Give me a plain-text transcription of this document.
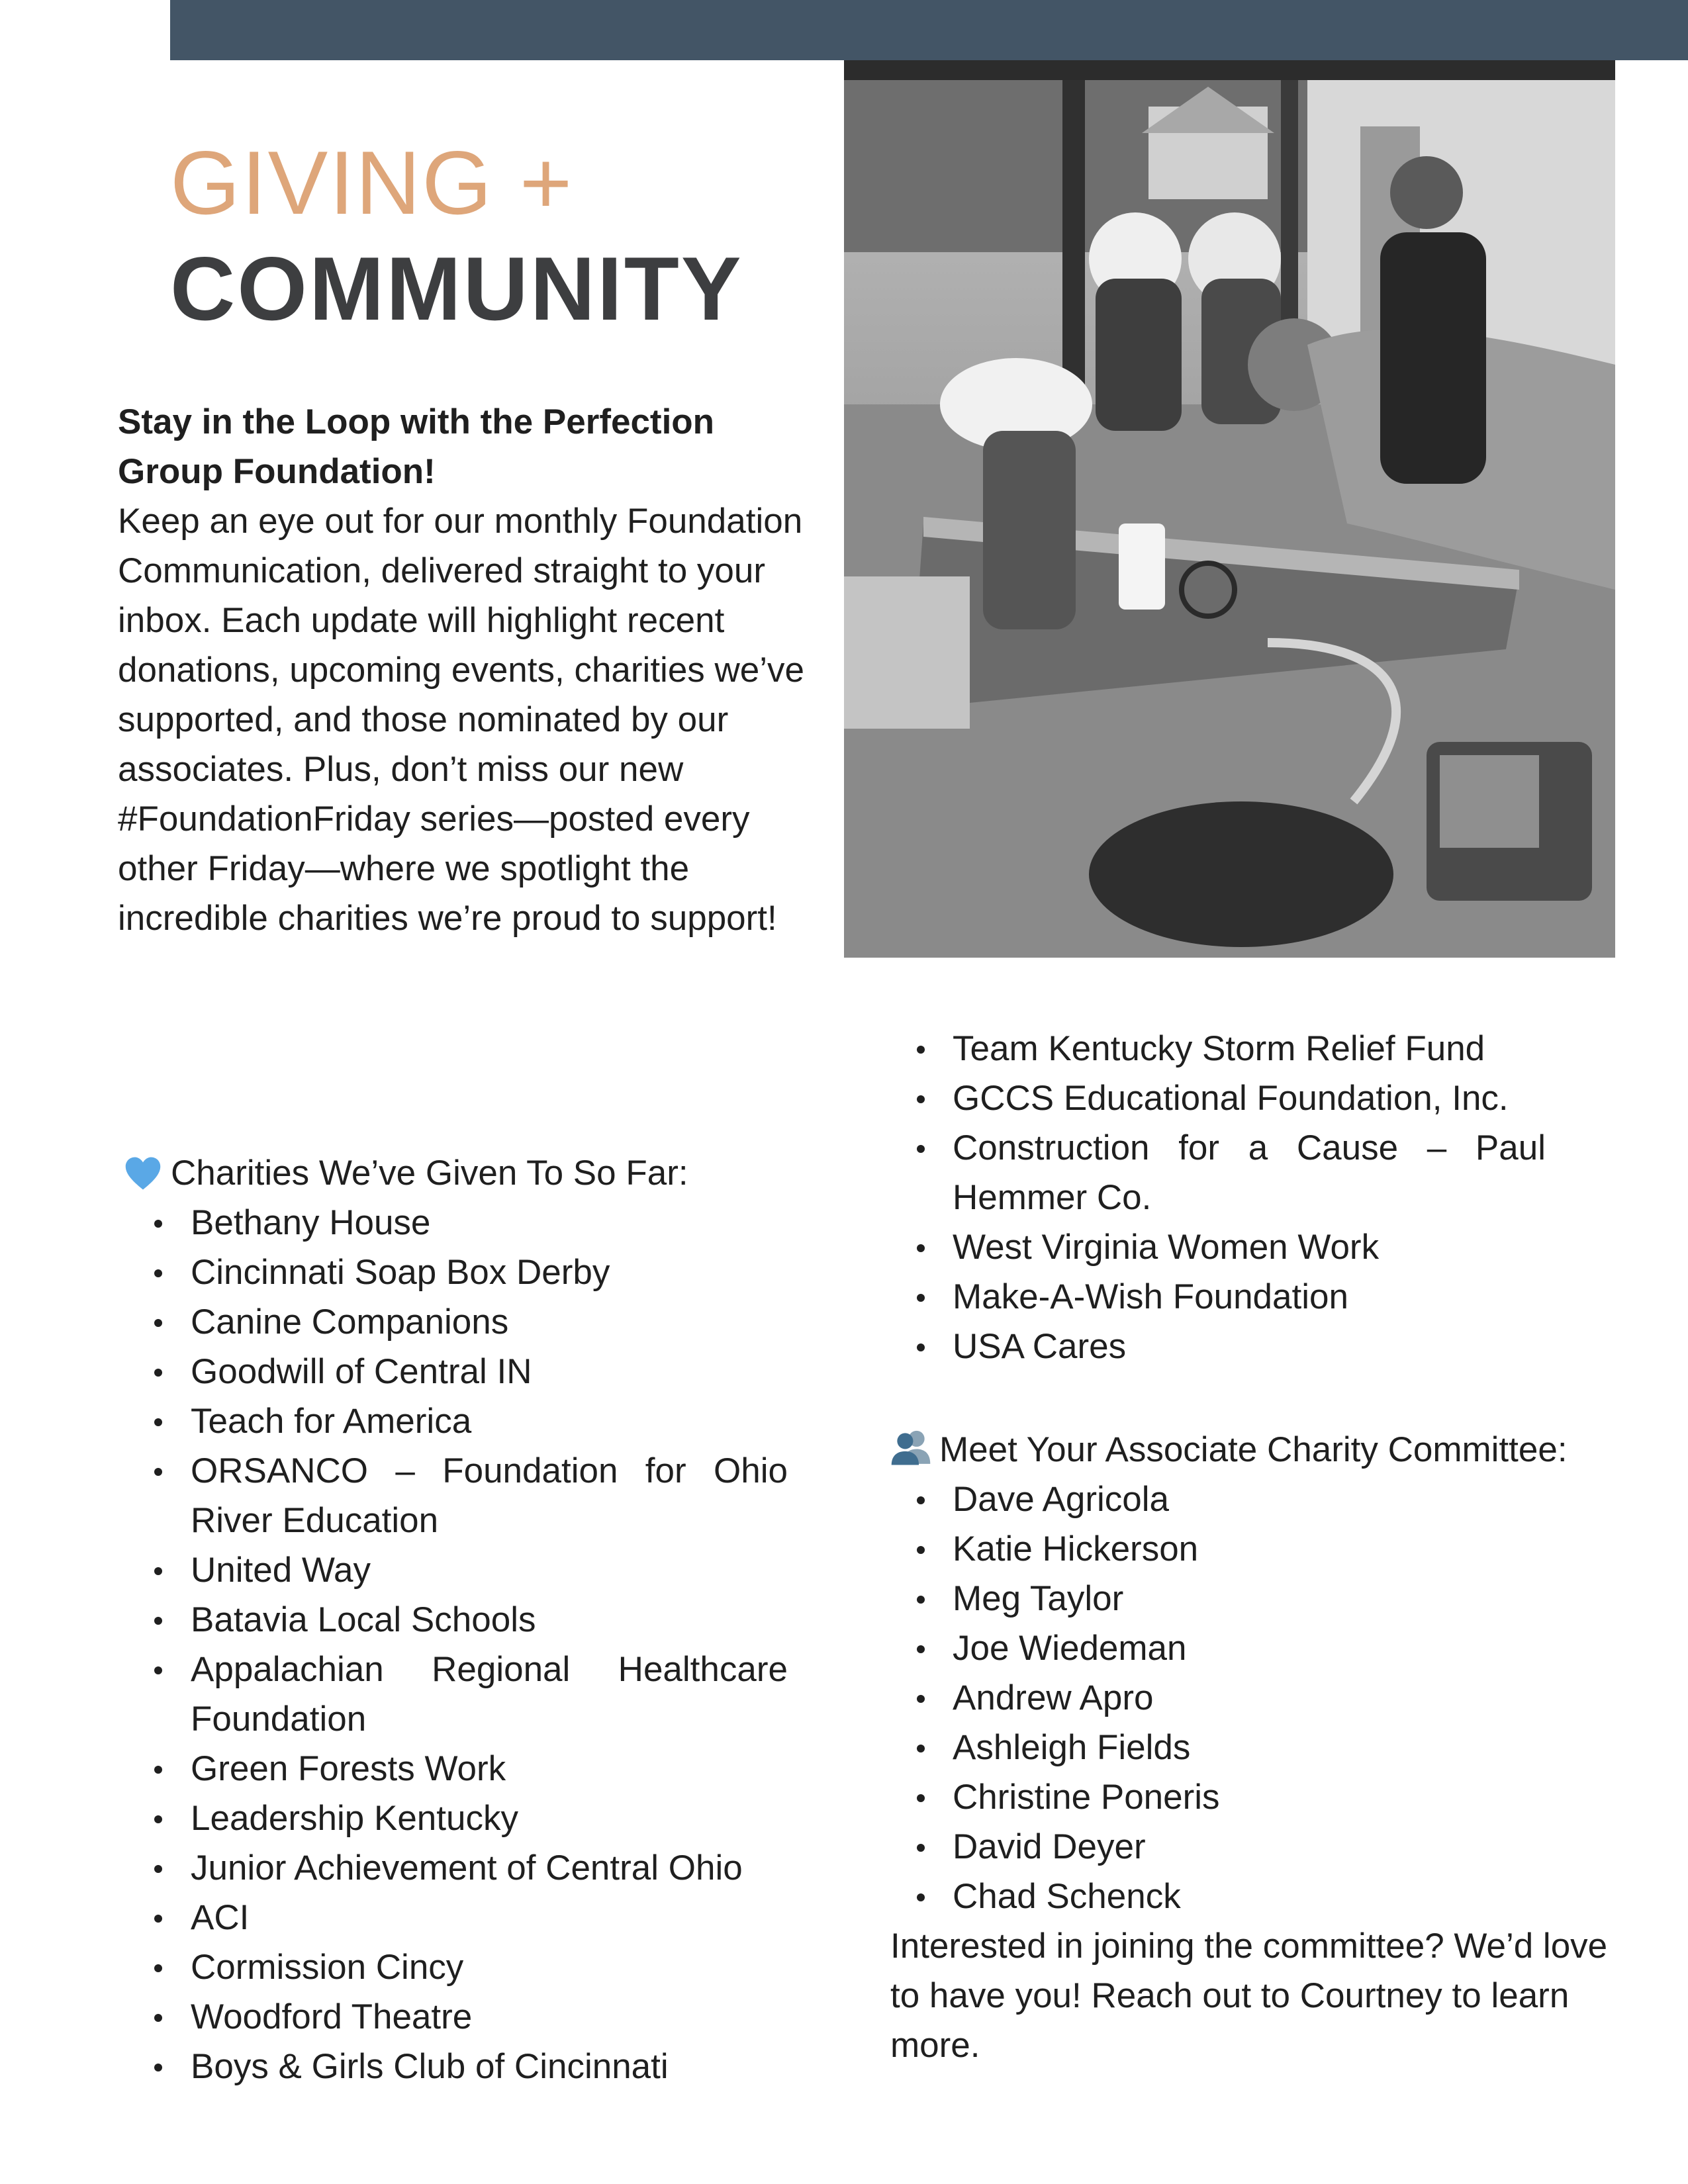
GIVING +
COMMUNITY
Stay in the Loop with the Perfection Group Foundation!

Keep an eye out for our monthly Foundation Communication, delivered straight to your inbox. Each update will highlight recent donations, upcoming events, charities we’ve supported, and those nominated by our associates. Plus, don’t miss our new #FoundationFriday series—posted every other Friday—where we spotlight the incredible charities we’re proud to support!

Charities We’ve Given To So Far:
Bethany House
Cincinnati Soap Box Derby
Canine Companions
Goodwill of Central IN
Teach for America
ORSANCO – Foundation for Ohio River Education
United Way
Batavia Local Schools
Appalachian Regional Healthcare Foundation
Green Forests Work
Leadership Kentucky
Junior Achievement of Central Ohio
ACI
Cormission Cincy
Woodford Theatre
Boys & Girls Club of Cincinnati
Team Kentucky Storm Relief Fund
GCCS Educational Foundation, Inc.
Construction for a Cause – Paul Hemmer Co.
West Virginia Women Work
Make-A-Wish Foundation
USA Cares
Meet Your Associate Charity Committee:
Dave Agricola
Katie Hickerson
Meg Taylor
Joe Wiedeman
Andrew Apro
Ashleigh Fields
Christine Poneris
David Deyer
Chad Schenck

Interested in joining the committee? We’d love to have you! Reach out to Courtney to learn more.
